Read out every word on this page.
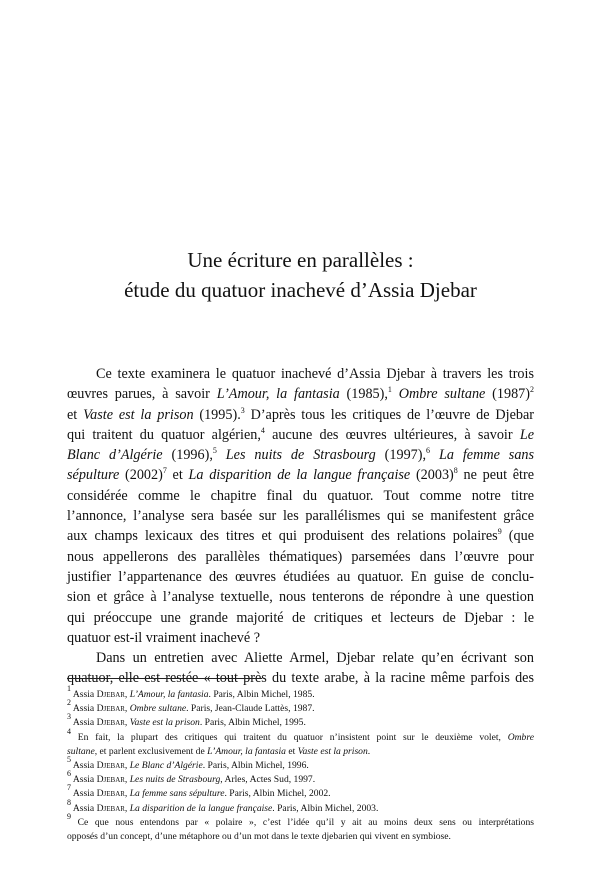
Une écriture en parallèles :
étude du quatuor inachevé d’Assia Djebar
Ce texte examinera le quatuor inachevé d’Assia Djebar à travers les trois
œuvres parues, à savoir L’Amour, la fantasia (1985),$^1$ Ombre sultane $(1987)^2$
et Vaste est la prison (1995).$^3$ D’après tous les critiques de l’œuvre de Djebar
qui traitent du quatuor algérien,$^4$ aucune des œuvres ultérieures, à savoir Le
Blanc d’Algérie (1996),$^5$ Les nuits de Strasbourg (1997),$^6$ La femme sans
sépulture $(2002)^7$ et La disparition de la langue française $(2003)^8$ ne peut être
considérée comme le chapitre final du quatuor. Tout comme notre titre
l’annonce, l’analyse sera basée sur les parallélismes qui se manifestent grâce
aux champs lexicaux des titres et qui produisent des relations polaires$^9$ (que
nous appellerons des parallèles thématiques) parsemées dans l’œuvre pour
justifier l’appartenance des œuvres étudiées au quatuor. En guise de conclu-
sion et grâce à l’analyse textuelle, nous tenterons de répondre à une question
qui préoccupe une grande majorité de critiques et lecteurs de Djebar : le
quatuor est-il vraiment inachevé ?
Dans un entretien avec Aliette Armel, Djebar relate qu’en écrivant son
quatuor, elle est restée « tout près du texte arabe, à la racine même parfois des
$^1$ Assia Djebar, L’Amour, la fantasia. Paris, Albin Michel, 1985.
$^2$ Assia Djebar, Ombre sultane. Paris, Jean-Claude Lattès, 1987.
$^3$ Assia Djebar, Vaste est la prison. Paris, Albin Michel, 1995.
$^4$ En fait, la plupart des critiques qui traitent du quatuor n’insistent point sur le deuxième volet, Ombre
sultane, et parlent exclusivement de L’Amour, la fantasia et Vaste est la prison.
$^5$ Assia Djebar, Le Blanc d’Algérie. Paris, Albin Michel, 1996.
$^6$ Assia Djebar, Les nuits de Strasbourg, Arles, Actes Sud, 1997.
$^7$ Assia Djebar, La femme sans sépulture. Paris, Albin Michel, 2002.
$^8$ Assia Djebar, La disparition de la langue française. Paris, Albin Michel, 2003.
$^9$ Ce que nous entendons par « polaire », c’est l’idée qu’il y ait au moins deux sens ou interprétations
opposés d’un concept, d’une métaphore ou d’un mot dans le texte djebarien qui vivent en symbiose.
